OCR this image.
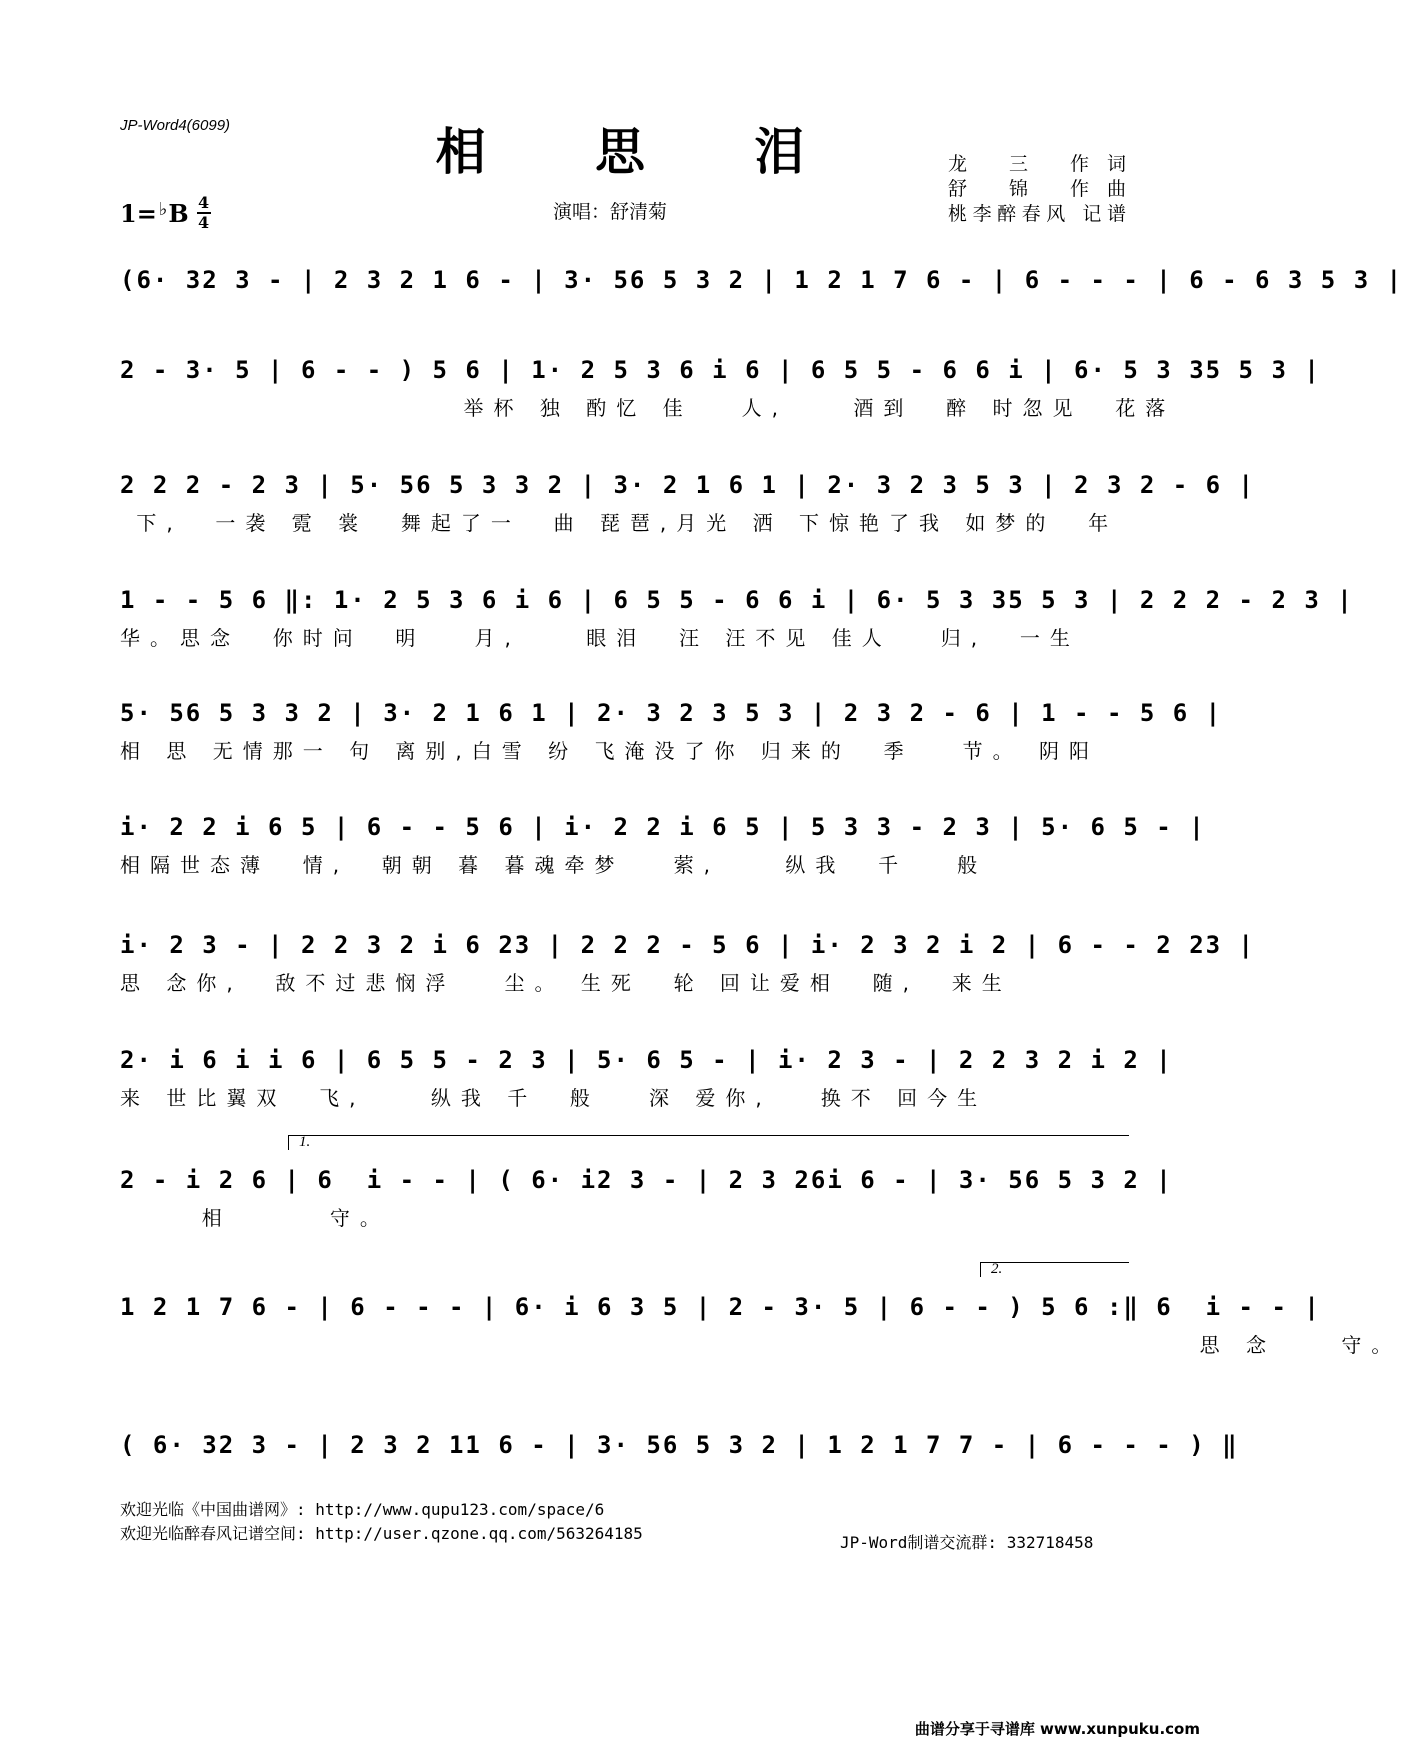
JP-Word4(6099)	相 思 泪
1= ♭ B 4
4	演唱：舒清菊
龙 三 作词
舒 锦 作曲
桃李醉春风 记谱
(6· 32 3 - | 2 3 2 1 6 - | 3· 56 5 3 2 | 1 2 1 7 6 - | 6 - - - | 6 - 6 3 5 3 |
2 - 3· 5 | 6 - - ) 5 6 | 1· 2 5 3 6 i 6 | 6 5 5 - 6 6 i | 6· 5 3 35 5 3 |
举杯 独 酌忆 佳   人,    酒到  醉 时忽见  花落
2 2 2 - 2 3 | 5· 56 5 3 3 2 | 3· 2 1 6 1 | 2· 3 2 3 5 3 | 2 3 2 - 6 |
下,  一袭 霓 裳  舞起了一  曲 琵琶,月光 洒 下惊艳了我 如梦的  年
1 - - 5 6 ‖: 1· 2 5 3 6 i 6 | 6 5 5 - 6 6 i | 6· 5 3 35 5 3 | 2 2 2 - 2 3 |
华。思念  你时问  明   月,    眼泪  汪 汪不见 佳人   归,  一生
5· 56 5 3 3 2 | 3· 2 1 6 1 | 2· 3 2 3 5 3 | 2 3 2 - 6 | 1 - - 5 6 |
相 思 无情那一 句 离别,白雪 纷 飞淹没了你 归来的  季   节。 阴阳
i· 2 2 i 6 5 | 6 - - 5 6 | i· 2 2 i 6 5 | 5 3 3 - 2 3 | 5· 6 5 - |
相隔世态薄  情,  朝朝 暮 暮魂牵梦   萦,    纵我  千   般
i· 2 3 - | 2 2 3 2 i 6 23 | 2 2 2 - 5 6 | i· 2 3 2 i 2 | 6 - - 2 23 |
思 念你,  敌不过悲悯浮   尘。 生死  轮 回让爱相  随,  来生
2· i 6 i i 6 | 6 5 5 - 2 3 | 5· 6 5 - | i· 2 3 - | 2 2 3 2 i 2 |
来 世比翼双  飞,    纵我 千  般   深 爱你,   换不 回今生
1.
2 - i 2 6 | 6  i - - | ( 6· i2 3 - | 2 3 26i 6 - | 3· 56 5 3 2 |
相      守。
2.
1 2 1 7 6 - | 6 - - - | 6· i 6 3 5 | 2 - 3· 5 | 6 - - ) 5 6 :‖ 6  i - - |
思 念    守。
( 6· 32 3 - | 2 3 2 11 6 - | 3· 56 5 3 2 | 1 2 1 7 7 - | 6 - - - ) ‖
欢迎光临《中国曲谱网》: http://www.qupu123.com/space/6
欢迎光临醉春风记谱空间: http://user.qzone.qq.com/563264185	JP-Word制谱交流群: 332718458
曲谱分享于寻谱库 www.xunpuku.com
